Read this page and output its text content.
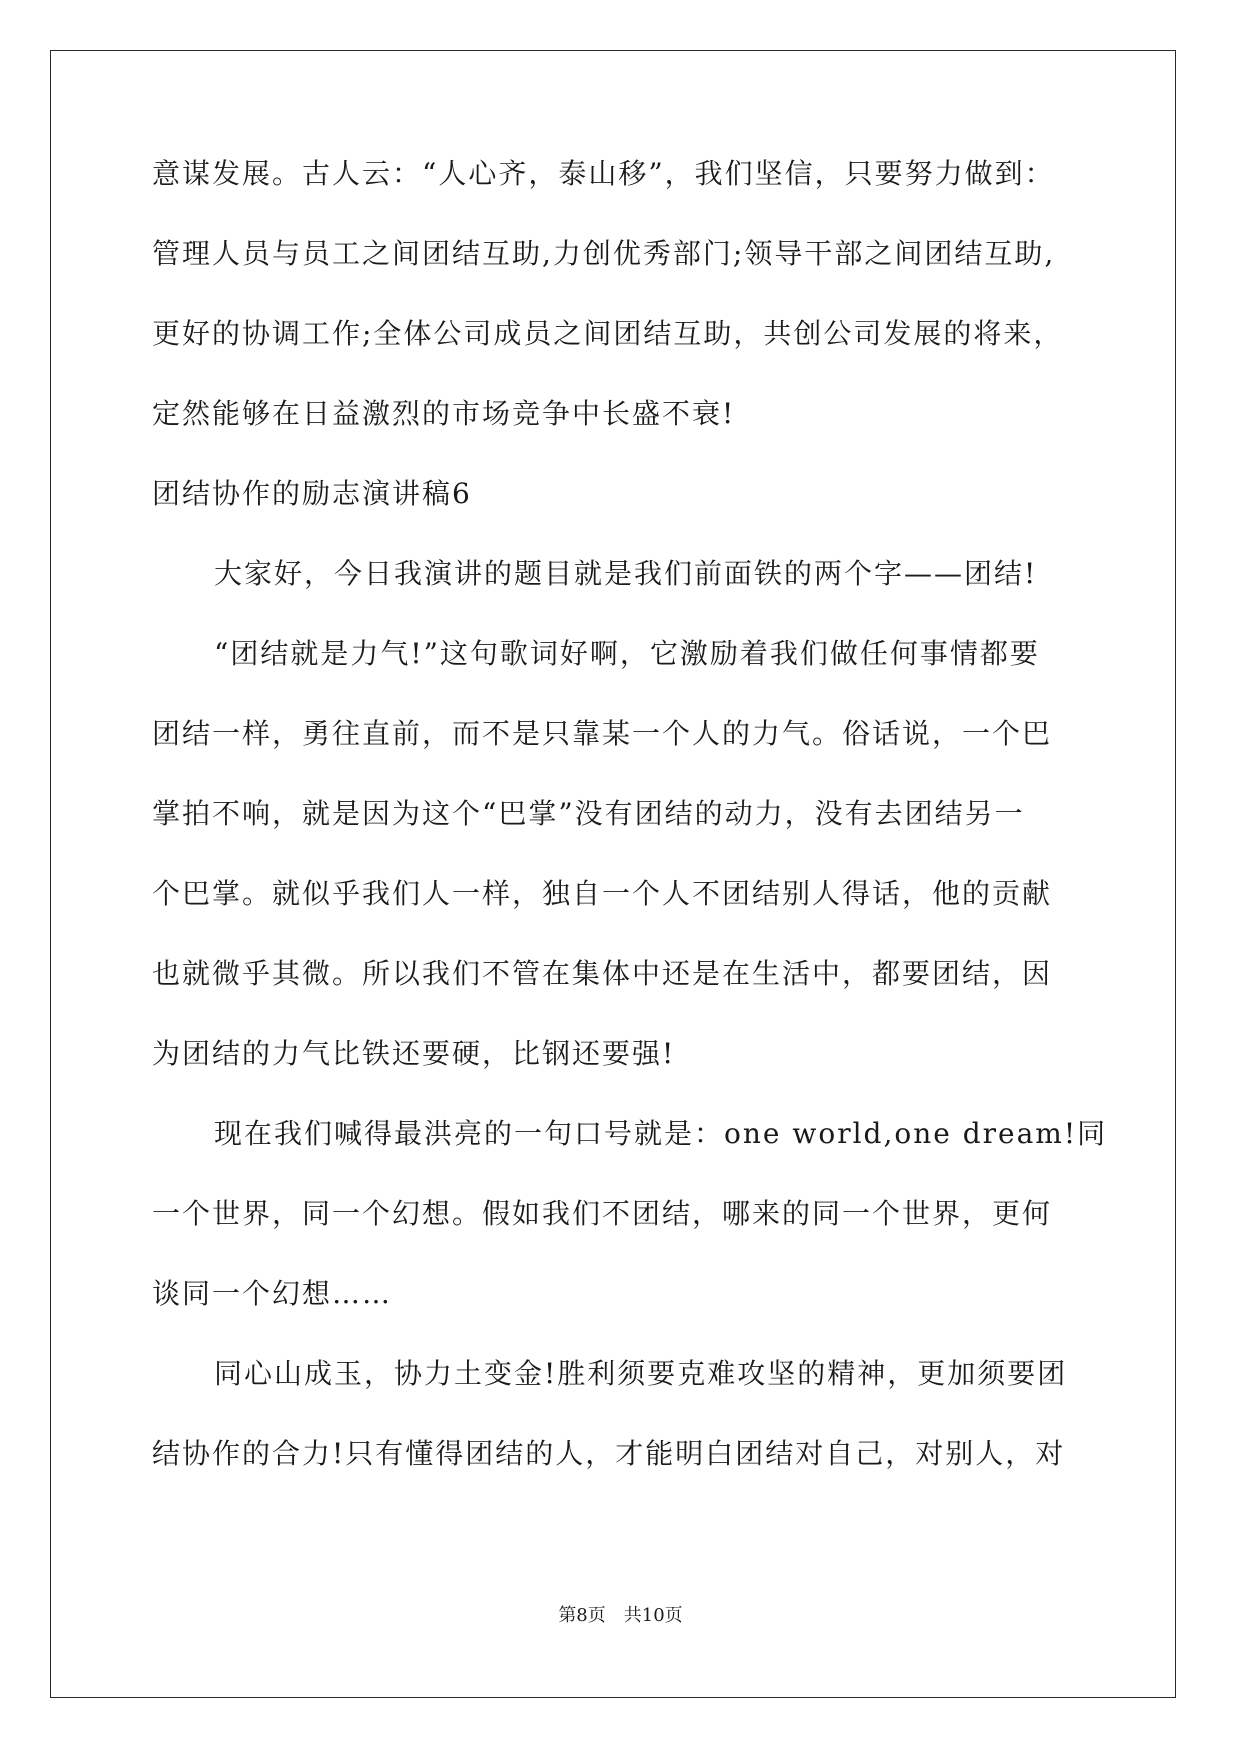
意谋发展。古人云：“人心齐，泰山移”，我们坚信，只要努力做到：
管理人员与员工之间团结互助,力创优秀部门;领导干部之间团结互助,
更好的协调工作;全体公司成员之间团结互助，共创公司发展的将来，
定然能够在日益激烈的市场竞争中长盛不衰!
团结协作的励志演讲稿6
大家好，今日我演讲的题目就是我们前面铁的两个字——团结!
“团结就是力气!”这句歌词好啊，它激励着我们做任何事情都要
团结一样，勇往直前，而不是只靠某一个人的力气。俗话说，一个巴
掌拍不响，就是因为这个“巴掌”没有团结的动力，没有去团结另一
个巴掌。就似乎我们人一样，独自一个人不团结别人得话，他的贡献
也就微乎其微。所以我们不管在集体中还是在生活中，都要团结，因
为团结的力气比铁还要硬，比钢还要强!
现在我们喊得最洪亮的一句口号就是：one world,one dream!同
一个世界，同一个幻想。假如我们不团结，哪来的同一个世界，更何
谈同一个幻想……
同心山成玉，协力土变金!胜利须要克难攻坚的精神，更加须要团
结协作的合力!只有懂得团结的人，才能明白团结对自己，对别人，对
第8页　共10页
